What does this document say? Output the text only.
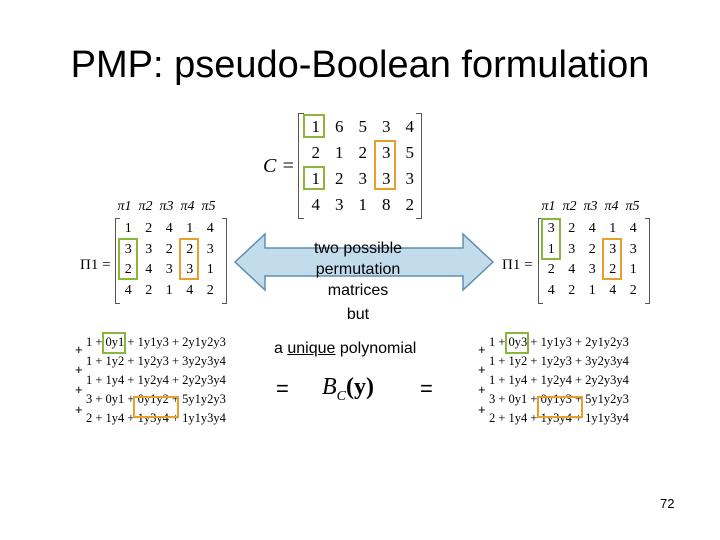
PMP: pseudo-Boolean formulation
C =
1	6	5	3	4
2	1	2	3	5
1	2	3	3	3
4	3	1	8	2
Π1 =
π1 π2 π3 π4 π5
1	2	4	1	4
3	3	2	2	3
2	4	3	3	1
4	2	1	4	2
Π1 =
π1 π2 π3 π4 π5
3	2	4	1	4
1	3	2	3	3
2	4	3	2	1
4	2	1	4	2
two possible
permutation
matrices
but
a unique polynomial
= $B_C(y)$ =
+
+
+
+
1 + 0y1 + 1y1y3 + 2y1y2y3
1 + 1y2 + 1y2y3 + 3y2y3y4
1 + 1y4 + 1y2y4 + 2y2y3y4
3 + 0y1 + 0y1y2 + 5y1y2y3
2 + 1y4 + 1y3y4 + 1y1y3y4
+
+
+
+
1 + 0y3 + 1y1y3 + 2y1y2y3
1 + 1y2 + 1y2y3 + 3y2y3y4
1 + 1y4 + 1y2y4 + 2y2y3y4
3 + 0y1 + 0y1y3 + 5y1y2y3
2 + 1y4 + 1y3y4 + 1y1y3y4
72
